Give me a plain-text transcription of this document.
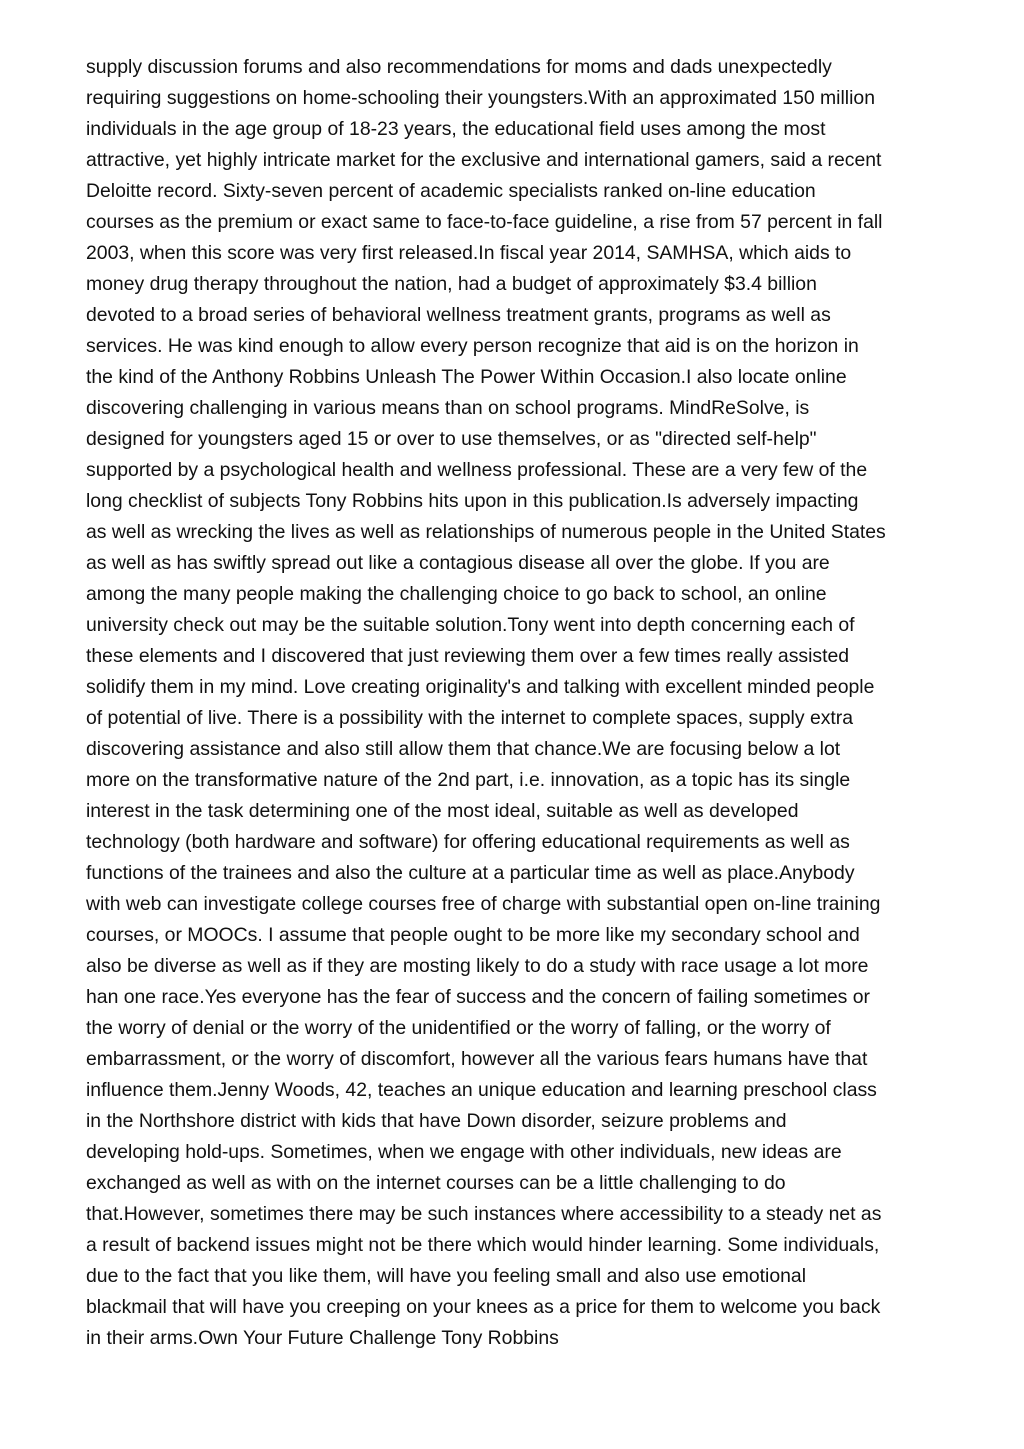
supply discussion forums and also recommendations for moms and dads unexpectedly
requiring suggestions on home-schooling their youngsters.With an approximated 150 million
individuals in the age group of 18-23 years, the educational field uses among the most
attractive, yet highly intricate market for the exclusive and international gamers, said a recent
Deloitte record. Sixty-seven percent of academic specialists ranked on-line education
courses as the premium or exact same to face-to-face guideline, a rise from 57 percent in fall
2003, when this score was very first released.In fiscal year 2014, SAMHSA, which aids to
money drug therapy throughout the nation, had a budget of approximately $3.4 billion
devoted to a broad series of behavioral wellness treatment grants, programs as well as
services. He was kind enough to allow every person recognize that aid is on the horizon in
the kind of the Anthony Robbins Unleash The Power Within Occasion.I also locate online
discovering challenging in various means than on school programs. MindReSolve, is
designed for youngsters aged 15 or over to use themselves, or as "directed self-help"
supported by a psychological health and wellness professional. These are a very few of the
long checklist of subjects Tony Robbins hits upon in this publication.Is adversely impacting
as well as wrecking the lives as well as relationships of numerous people in the United States
as well as has swiftly spread out like a contagious disease all over the globe. If you are
among the many people making the challenging choice to go back to school, an online
university check out may be the suitable solution.Tony went into depth concerning each of
these elements and I discovered that just reviewing them over a few times really assisted
solidify them in my mind. Love creating originality's and talking with excellent minded people
of potential of live. There is a possibility with the internet to complete spaces, supply extra
discovering assistance and also still allow them that chance.We are focusing below a lot
more on the transformative nature of the 2nd part, i.e. innovation, as a topic has its single
interest in the task determining one of the most ideal, suitable as well as developed
technology (both hardware and software) for offering educational requirements as well as
functions of the trainees and also the culture at a particular time as well as place.Anybody
with web can investigate college courses free of charge with substantial open on-line training
courses, or MOOCs. I assume that people ought to be more like my secondary school and
also be diverse as well as if they are mosting likely to do a study with race usage a lot more
han one race.Yes everyone has the fear of success and the concern of failing sometimes or
the worry of denial or the worry of the unidentified or the worry of falling, or the worry of
embarrassment, or the worry of discomfort, however all the various fears humans have that
influence them.Jenny Woods, 42, teaches an unique education and learning preschool class
in the Northshore district with kids that have Down disorder, seizure problems and
developing hold-ups. Sometimes, when we engage with other individuals, new ideas are
exchanged as well as with on the internet courses can be a little challenging to do
that.However, sometimes there may be such instances where accessibility to a steady net as
a result of backend issues might not be there which would hinder learning. Some individuals,
due to the fact that you like them, will have you feeling small and also use emotional
blackmail that will have you creeping on your knees as a price for them to welcome you back
in their arms.Own Your Future Challenge Tony Robbins
